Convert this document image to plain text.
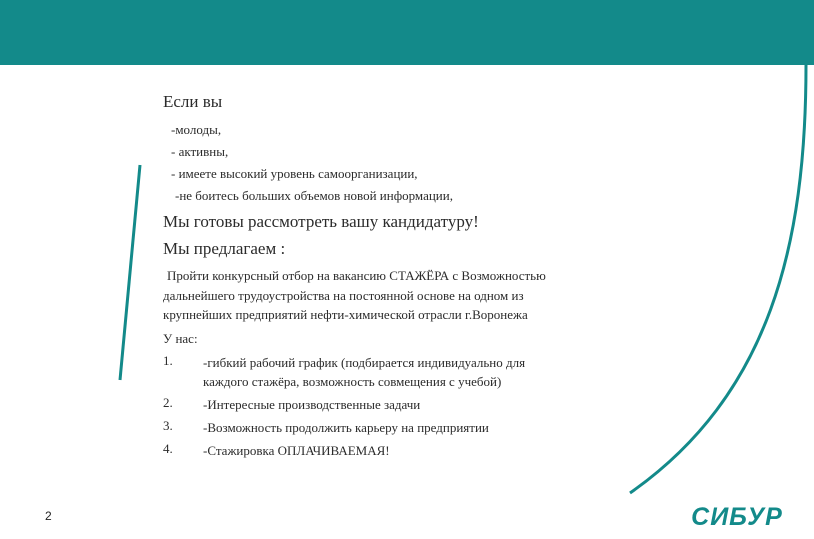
Если вы
-молоды,
- активны,
- имеете высокий уровень самоорганизации,
-не боитесь больших объемов новой информации,
Мы готовы рассмотреть вашу кандидатуру!
Мы предлагаем :
Пройти конкурсный отбор на вакансию СТАЖЁРА с Возможностью
дальнейшего трудоустройства на постоянной основе на одном из
крупнейших предприятий нефти-химической отрасли г.Воронежа
У нас:
1. -гибкий рабочий график (подбирается индивидуально для
каждого стажёра, возможность совмещения с учебой)
2. -Интересные производственные задачи
3. -Возможность продолжить карьеру на предприятии
4. -Стажировка ОПЛАЧИВАЕМАЯ!
2	СИБУР
